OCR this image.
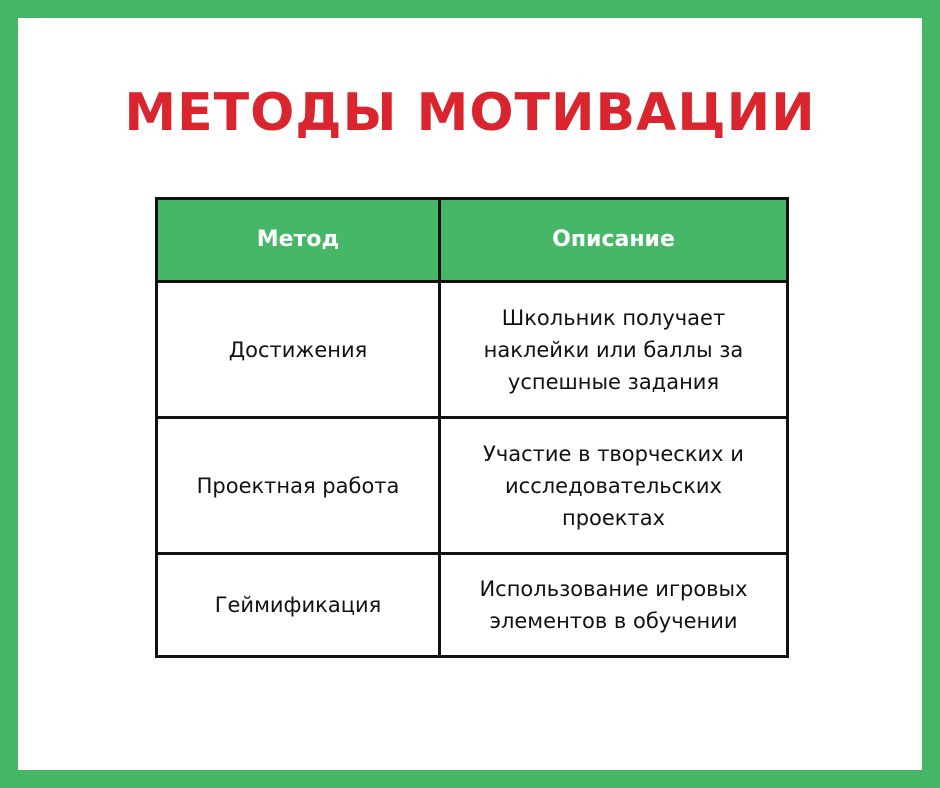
МЕТОДЫ МОТИВАЦИИ
Метод	Описание
Достижения	Школьник получает наклейки или баллы за успешные задания
Проектная работа	Участие в творческих и исследовательских проектах
Геймификация	Использование игровых элементов в обучении
